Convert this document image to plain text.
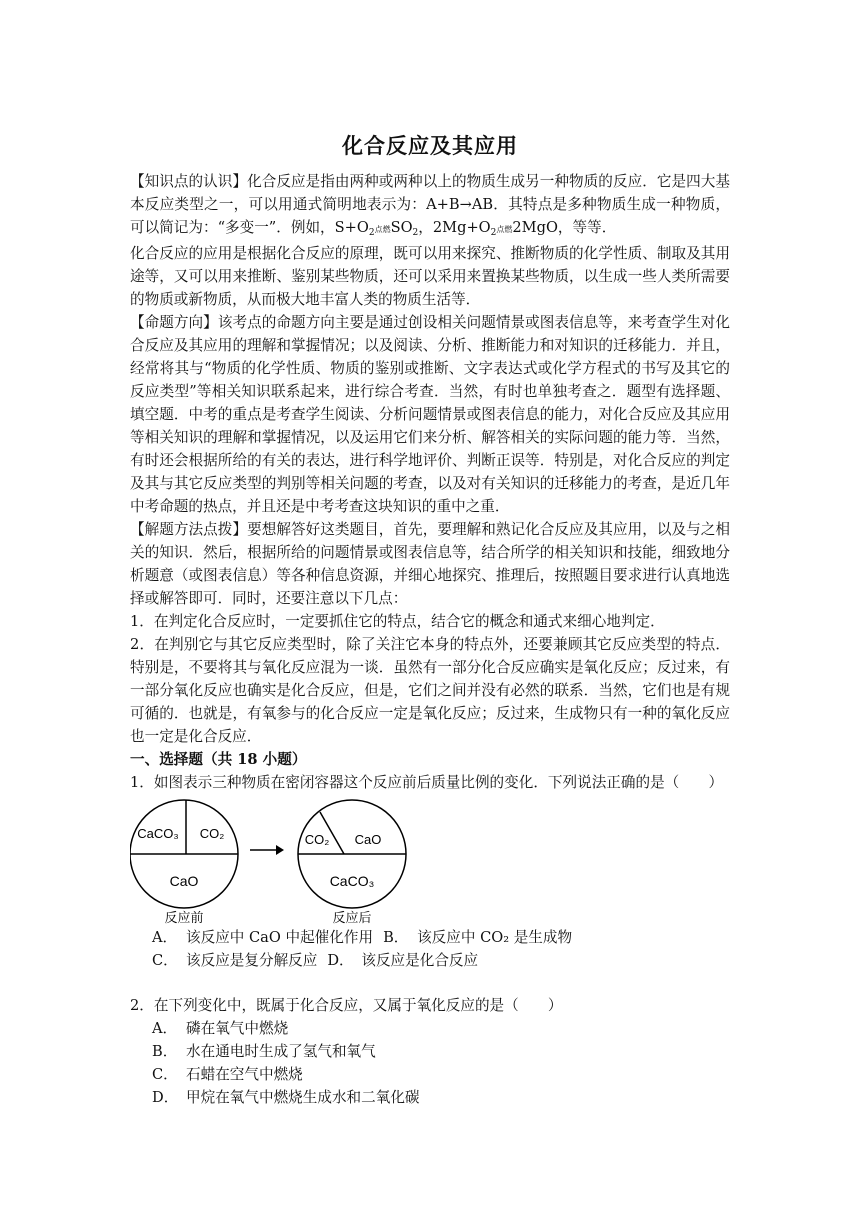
化合反应及其应用

【知识点的认识】化合反应是指由两种或两种以上的物质生成另一种物质的反应．它是四大基本反应类型之一，可以用通式简明地表示为：A+B→AB．其特点是多种物质生成一种物质，可以简记为：“多变一”．例如，$S+O_2$点燃$SO_2$，$2Mg+O_2$点燃2MgO，等等．

化合反应的应用是根据化合反应的原理，既可以用来探究、推断物质的化学性质、制取及其用途等，又可以用来推断、鉴别某些物质，还可以采用来置换某些物质，以生成一些人类所需要的物质或新物质，从而极大地丰富人类的物质生活等．

【命题方向】该考点的命题方向主要是通过创设相关问题情景或图表信息等，来考查学生对化合反应及其应用的理解和掌握情况；以及阅读、分析、推断能力和对知识的迁移能力．并且，经常将其与“物质的化学性质、物质的鉴别或推断、文字表达式或化学方程式的书写及其它的反应类型”等相关知识联系起来，进行综合考查．当然，有时也单独考查之．题型有选择题、填空题．中考的重点是考查学生阅读、分析问题情景或图表信息的能力，对化合反应及其应用等相关知识的理解和掌握情况，以及运用它们来分析、解答相关的实际问题的能力等．当然，有时还会根据所给的有关的表达，进行科学地评价、判断正误等．特别是，对化合反应的判定及其与其它反应类型的判别等相关问题的考查，以及对有关知识的迁移能力的考查，是近几年中考命题的热点，并且还是中考考查这块知识的重中之重．

【解题方法点拨】要想解答好这类题目，首先，要理解和熟记化合反应及其应用，以及与之相关的知识．然后，根据所给的问题情景或图表信息等，结合所学的相关知识和技能，细致地分析题意（或图表信息）等各种信息资源，并细心地探究、推理后，按照题目要求进行认真地选择或解答即可．同时，还要注意以下几点：

1．在判定化合反应时，一定要抓住它的特点，结合它的概念和通式来细心地判定．

2．在判别它与其它反应类型时，除了关注它本身的特点外，还要兼顾其它反应类型的特点．特别是，不要将其与氧化反应混为一谈．虽然有一部分化合反应确实是氧化反应；反过来，有一部分氧化反应也确实是化合反应，但是，它们之间并没有必然的联系．当然，它们也是有规可循的．也就是，有氧参与的化合反应一定是氧化反应；反过来，生成物只有一种的氧化反应也一定是化合反应．

一、选择题（共 18 小题）

1．如图表示三种物质在密闭容器这个反应前后质量比例的变化．下列说法正确的是（　　）

CaCO₃ CO₂
CaO
反应前
CO₂ CaO
CaCO₃
反应后
A． 该反应中 CaO 中起催化作用 B． 该反应中 CO₂ 是生成物
C． 该反应是复分解反应 D． 该反应是化合反应

2．在下列变化中，既属于化合反应，又属于氧化反应的是（　　）

A． 磷在氧气中燃烧
B． 水在通电时生成了氢气和氧气
C． 石蜡在空气中燃烧
D． 甲烷在氧气中燃烧生成水和二氧化碳
